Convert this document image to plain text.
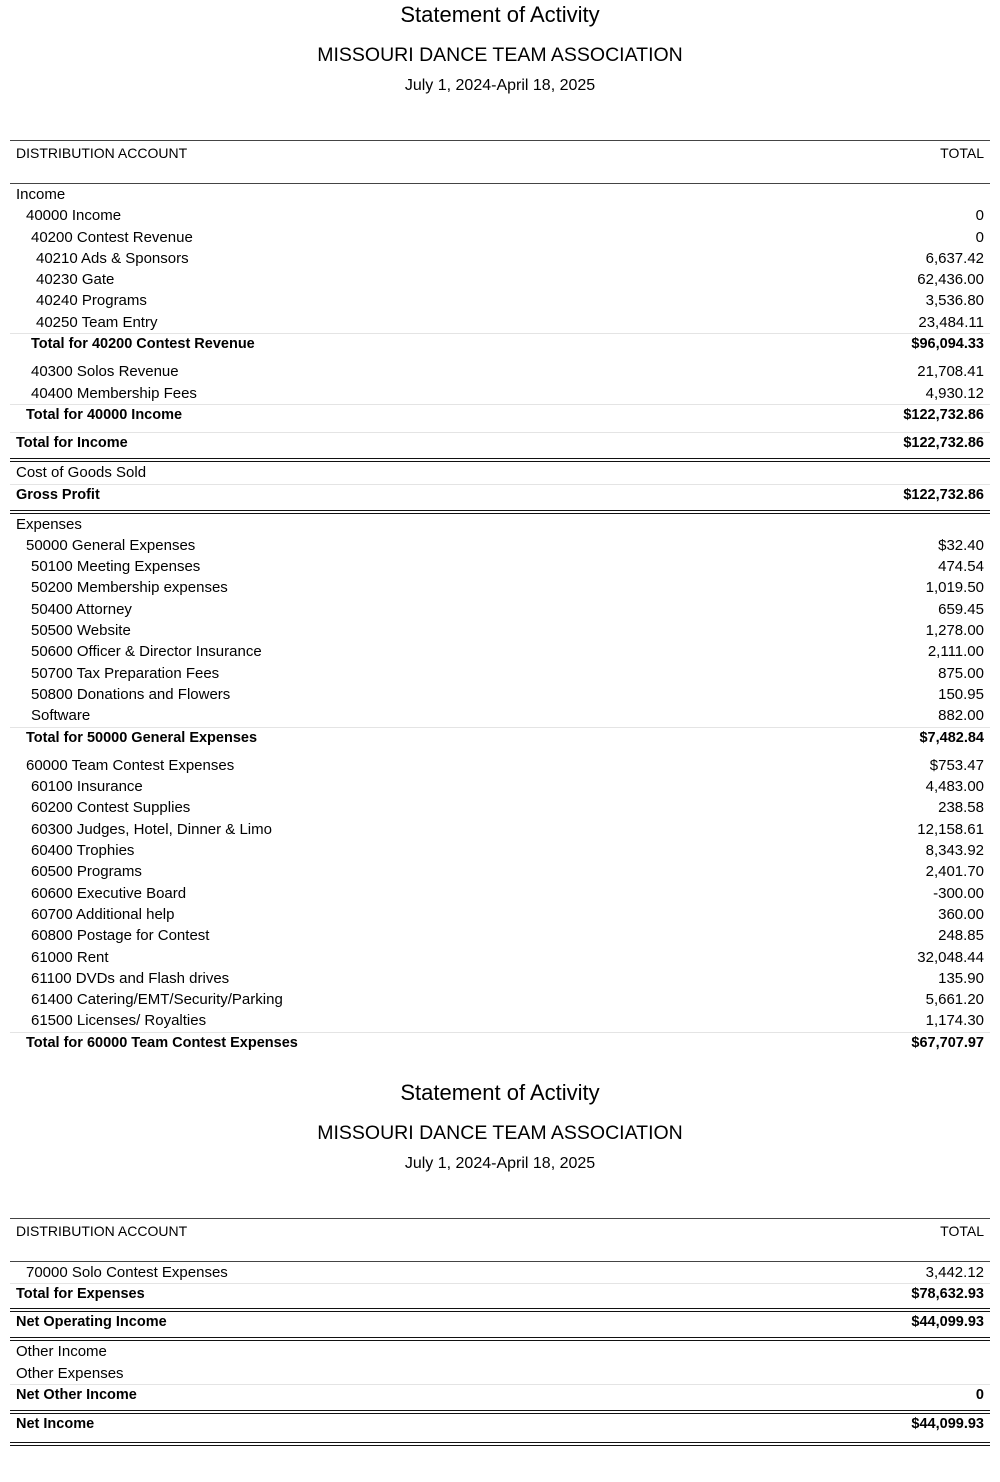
Statement of Activity
MISSOURI DANCE TEAM ASSOCIATION
July 1, 2024-April 18, 2025
DISTRIBUTION ACCOUNT	TOTAL
Income
40000 Income	0
40200 Contest Revenue	0
40210 Ads & Sponsors	6,637.42
40230 Gate	62,436.00
40240 Programs	3,536.80
40250 Team Entry	23,484.11
Total for 40200 Contest Revenue	$96,094.33
40300 Solos Revenue	21,708.41
40400 Membership Fees	4,930.12
Total for 40000 Income	$122,732.86
Total for Income	$122,732.86
Cost of Goods Sold
Gross Profit	$122,732.86
Expenses
50000 General Expenses	$32.40
50100 Meeting Expenses	474.54
50200 Membership expenses	1,019.50
50400 Attorney	659.45
50500 Website	1,278.00
50600 Officer & Director Insurance	2,111.00
50700 Tax Preparation Fees	875.00
50800 Donations and Flowers	150.95
Software	882.00
Total for 50000 General Expenses	$7,482.84
60000 Team Contest Expenses	$753.47
60100 Insurance	4,483.00
60200 Contest Supplies	238.58
60300 Judges, Hotel, Dinner & Limo	12,158.61
60400 Trophies	8,343.92
60500 Programs	2,401.70
60600 Executive Board	-300.00
60700 Additional help	360.00
60800 Postage for Contest	248.85
61000 Rent	32,048.44
61100 DVDs and Flash drives	135.90
61400 Catering/EMT/Security/Parking	5,661.20
61500 Licenses/ Royalties	1,174.30
Total for 60000 Team Contest Expenses	$67,707.97
Statement of Activity
MISSOURI DANCE TEAM ASSOCIATION
July 1, 2024-April 18, 2025
DISTRIBUTION ACCOUNT	TOTAL
70000 Solo Contest Expenses	3,442.12
Total for Expenses	$78,632.93
Net Operating Income	$44,099.93
Other Income
Other Expenses
Net Other Income	0
Net Income	$44,099.93
